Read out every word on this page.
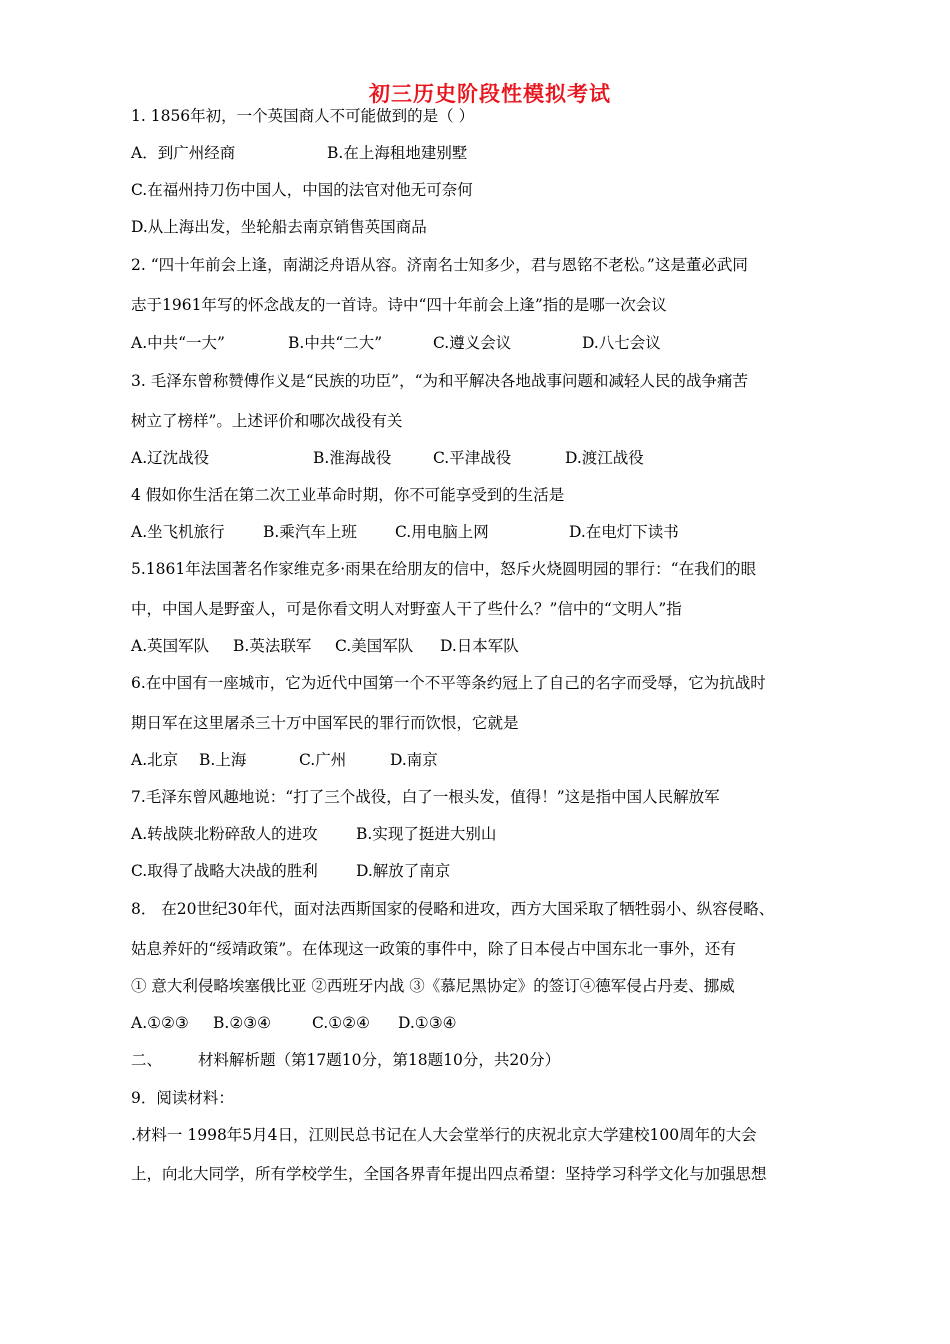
初三历史阶段性模拟考试
1. 1856年初，一个英国商人不可能做到的是（ ）
A．到广州经商	B.在上海租地建别墅
C.在福州持刀伤中国人，中国的法官对他无可奈何
D.从上海出发，坐轮船去南京销售英国商品
2. “四十年前会上逢，南湖泛舟语从容。济南名士知多少，君与恩铭不老松。”这是董必武同
志于1961年写的怀念战友的一首诗。诗中“四十年前会上逢”指的是哪一次会议
A.中共“一大”	B.中共“二大”	C.遵义会议	D.八七会议
3. 毛泽东曾称赞傅作义是“民族的功臣”，“为和平解决各地战事问题和减轻人民的战争痛苦
树立了榜样”。上述评价和哪次战役有关
A.辽沈战役	B.淮海战役	C.平津战役	D.渡江战役
4 假如你生活在第二次工业革命时期，你不可能享受到的生活是
A.坐飞机旅行 B.乘汽车上班 C.用电脑上网	D.在电灯下读书
5.1861年法国著名作家维克多·雨果在给朋友的信中，怒斥火烧圆明园的罪行：“在我们的眼
中，中国人是野蛮人，可是你看文明人对野蛮人干了些什么？”信中的“文明人”指
A.英国军队 B.英法联军 C.美国军队 D.日本军队
6.在中国有一座城市，它为近代中国第一个不平等条约冠上了自己的名字而受辱，它为抗战时
期日军在这里屠杀三十万中国军民的罪行而饮恨，它就是
A.北京 B.上海	C.广州	D.南京
7.毛泽东曾风趣地说：“打了三个战役，白了一根头发，值得！”这是指中国人民解放军
A.转战陕北粉碎敌人的进攻 B.实现了挺进大别山
C.取得了战略大决战的胜利 D.解放了南京
8． 在20世纪30年代，面对法西斯国家的侵略和进攻，西方大国采取了牺牲弱小、纵容侵略、
姑息养奸的“绥靖政策”。在体现这一政策的事件中，除了日本侵占中国东北一事外，还有
① 意大利侵略埃塞俄比亚 ②西班牙内战 ③《慕尼黑协定》的签订④德军侵占丹麦、挪威
A.①②③ B.②③④	C.①②④ D.①③④
二、 材料解析题（第17题10分，第18题10分，共20分）
9．阅读材料：
.材料一 1998年5月4日，江则民总书记在人大会堂举行的庆祝北京大学建校100周年的大会
上，向北大同学，所有学校学生，全国各界青年提出四点希望：坚持学习科学文化与加强思想
